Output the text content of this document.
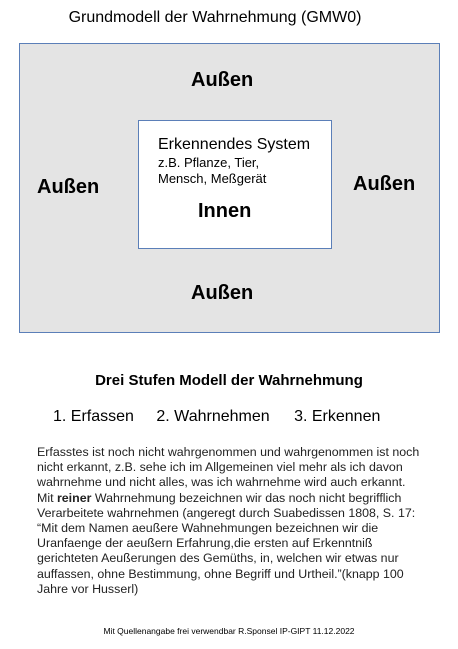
Grundmodell der Wahrnehmung (GMW0)
Außen
Außen	Außen
Außen
Erkennendes System
z.B. Pflanze, Tier,
Mensch, Meßgerät
Innen
Drei Stufen Modell der Wahrnehmung
1. Erfassen 2. Wahrnehmen 3. Erkennen
Erfasstes ist noch nicht wahrgenommen und wahrgenommen ist noch nicht erkannt, z.B. sehe ich im Allgemeinen viel mehr als ich davon wahrnehme und nicht alles, was ich wahrnehme wird auch erkannt. Mit reiner Wahrnehmung bezeichnen wir das noch nicht begrifflich Verarbeitete wahrnehmen (angeregt durch Suabedissen 1808, S. 17: “Mit dem Namen aeußere Wahnehmungen bezeichnen wir die Uranfaenge der aeußern Erfahrung,die ersten auf Erkenntniß gerichteten Aeußerungen des Gemüths, in, welchen wir etwas nur auffassen, ohne Bestimmung, ohne Begriff und Urtheil.”(knapp 100 Jahre vor Husserl)
Mit Quellenangabe frei verwendbar R.Sponsel IP-GIPT 11.12.2022
